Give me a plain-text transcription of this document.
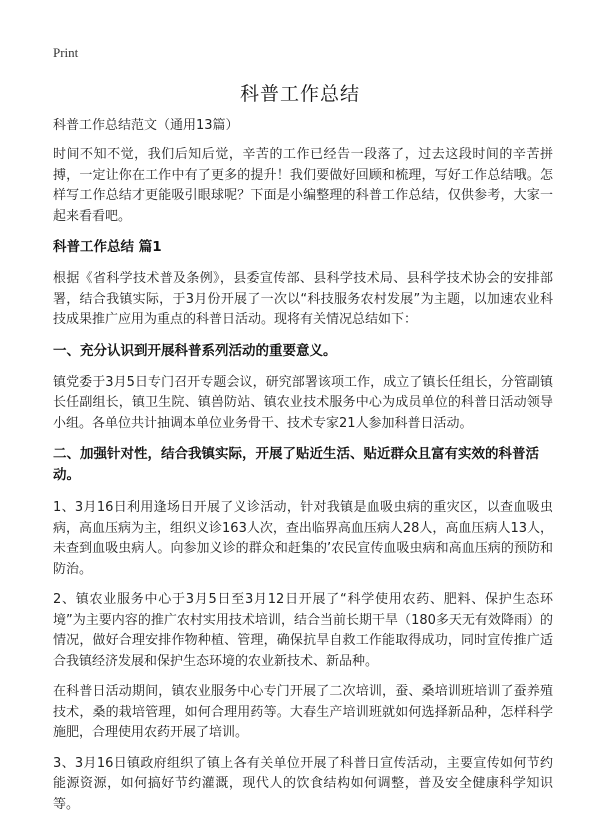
Print
科普工作总结
科普工作总结范文（通用13篇）

时间不知不觉，我们后知后觉，辛苦的工作已经告一段落了，过去这段时间的辛苦拼搏，一定让你在工作中有了更多的提升！我们要做好回顾和梳理，写好工作总结哦。怎样写工作总结才更能吸引眼球呢？下面是小编整理的科普工作总结，仅供参考，大家一起来看看吧。

科普工作总结 篇1

根据《省科学技术普及条例》，县委宣传部、县科学技术局、县科学技术协会的安排部署，结合我镇实际，于3月份开展了一次以“科技服务农村发展”为主题，以加速农业科技成果推广应用为重点的科普日活动。现将有关情况总结如下：

一、充分认识到开展科普系列活动的重要意义。

镇党委于3月5日专门召开专题会议，研究部署该项工作，成立了镇长任组长，分管副镇长任副组长，镇卫生院、镇兽防站、镇农业技术服务中心为成员单位的科普日活动领导小组。各单位共计抽调本单位业务骨干、技术专家21人参加科普日活动。

二、加强针对性，结合我镇实际，开展了贴近生活、贴近群众且富有实效的科普活动。

1、3月16日利用逢场日开展了义诊活动，针对我镇是血吸虫病的重灾区，以查血吸虫病，高血压病为主，组织义诊163人次，查出临界高血压病人28人，高血压病人13人，未查到血吸虫病人。向参加义诊的群众和赶集的’农民宣传血吸虫病和高血压病的预防和防治。

2、镇农业服务中心于3月5日至3月12日开展了“科学使用农药、肥料、保护生态环境”为主要内容的推广农村实用技术培训，结合当前长期干旱（180多天无有效降雨）的情况，做好合理安排作物种植、管理，确保抗旱自救工作能取得成功，同时宣传推广适合我镇经济发展和保护生态环境的农业新技术、新品种。

在科普日活动期间，镇农业服务中心专门开展了二次培训，蚕、桑培训班培训了蚕养殖技术，桑的栽培管理，如何合理用药等。大春生产培训班就如何选择新品种，怎样科学施肥，合理使用农药开展了培训。

3、3月16日镇政府组织了镇上各有关单位开展了科普日宣传活动，主要宣传如何节约能源资源，如何搞好节约灌溉，现代人的饮食结构如何调整，普及安全健康科学知识等。
